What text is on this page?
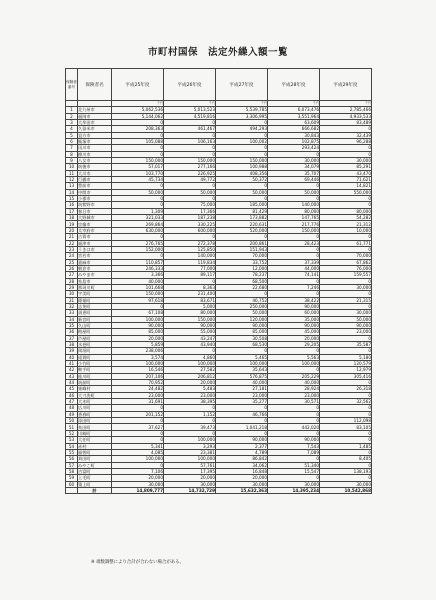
市町村国保　法定外繰入額一覧
保険者番号	保険者名	平成25年度	平成26年度	平成27年度	平成28年度	平成29年度
		千円	千円	千円	千円	千円
1	北九州市	5,062,536	5,013,523	5,539,785	6,073,476	2,785,466
2	福岡市	5,144,062	4,519,816	3,306,995	3,551,964	4,933,533
3	大牟田市	0	0	0	63,609	83,489
4	久留米市	208,363	461,467	494,293	666,682	0
5	直方市	0	0	0	30,843	32,439
6	飯塚市	105,088	106,163	100,002	102,875	96,288
7	田川市	0	0	0	293,424	0
8	柳川市	0	0	0	0	0
9	八女市	150,000	150,000	150,000	30,000	30,000
10	筑後市	57,017	277,166	100,988	34,079	85,291
11	大川市	103,770	226,925	408,356	35,707	43,470
12	行橋市	45,734	49,772	50,372	69,446	71,621
13	豊前市	0	0	0	0	14,821
14	中間市	50,000	50,000	50,000	50,000	550,000
15	小郡市	0	0	0	0	0
16	筑紫野市	0	75,000	185,000	140,000	0
17	春日市	1,309	17,366	81,429	80,000	80,000
18	大野城市	321,033	187,238	173,882	147,765	54,282
19	宗像市	269,864	330,225	220,631	217,776	21,312
20	太宰府市	630,000	600,000	520,000	150,000	10,000
21	古賀市	0	0	0	0	0
22	福津市	276,765	272,378	200,861	28,423	61,771
23	うきは市	152,000	125,850	151,943	0	0
24	宮若市	0	140,000	70,000	0	70,000
25	嘉麻市	110,857	119,834	33,752	37,339	67,862
26	朝倉市	246,333	77,000	12,000	44,000	76,000
27	みやま市	3,366	89,117	78,237	74,141	159,557
28	糸島市	40,000	0	68,500	0	0
29	那珂川町	101,668	8,363	22,680	7,246	30,000
30	宇美町	150,000	231,400	0	0	0
31	篠栗町	97,618	83,671	46,752	38,422	21,315
32	志免町	0	5,000	250,000	90,000	0
33	須恵町	67,108	80,000	50,000	60,000	30,000
34	新宮町	100,000	150,000	120,000	35,000	50,000
35	久山町	90,000	90,000	90,000	90,000	90,000
36	粕屋町	85,000	55,000	85,000	45,000	23,000
37	芦屋町	20,000	43,247	30,508	20,000	0
38	水巻町	5,859	43,940	68,530	29,205	35,587
39	岡垣町	238,006	0	0	0	0
40	遠賀町	3,574	4,860	5,465	5,563	5,180
41	小竹町	100,000	100,000	100,000	100,000	120,579
42	鞍手町	16,546	27,582	35,643	0	12,979
43	桂川町	207,106	206,812	576,875	205,229	305,416
44	筑前町	70,952	20,000	40,000	40,000	0
45	東峰村	24,482	5,483	27,181	28,924	26,318
46	大刀洗町	23,000	23,000	23,000	23,000	0
47	大木町	31,691	38,395	35,277	30,571	32,562
48	広川町	0	0	0	0	0
49	香春町	201,152	1,152	46,766	0	0
50	添田町	0	0	0	0	112,098
51	糸田町	37,627	39,473	1,041,218	442,020	83,105
52	川崎町	0	0	0	0	0
53	大任町	0	100,000	90,000	90,000	0
54	赤村	5,341	3,293	2,377	7,543	1,485
55	福智町	4,085	23,381	4,789	7,089	0
56	苅田町	100,000	100,000	86,842	0	8,405
57	みやこ町	0	57,761	34,062	51,340	0
58	吉富町	7,106	17,395	16,848	15,547	138,193
59	上毛町	20,000	20,000	20,000	0	0
60	築上町	30,000	30,000	30,000	30,000	30,000
	計	14,809,777	14,732,729	15,632,363	14,395,234	10,542,868
※ 端数調整により合計が合わない場合がある。
